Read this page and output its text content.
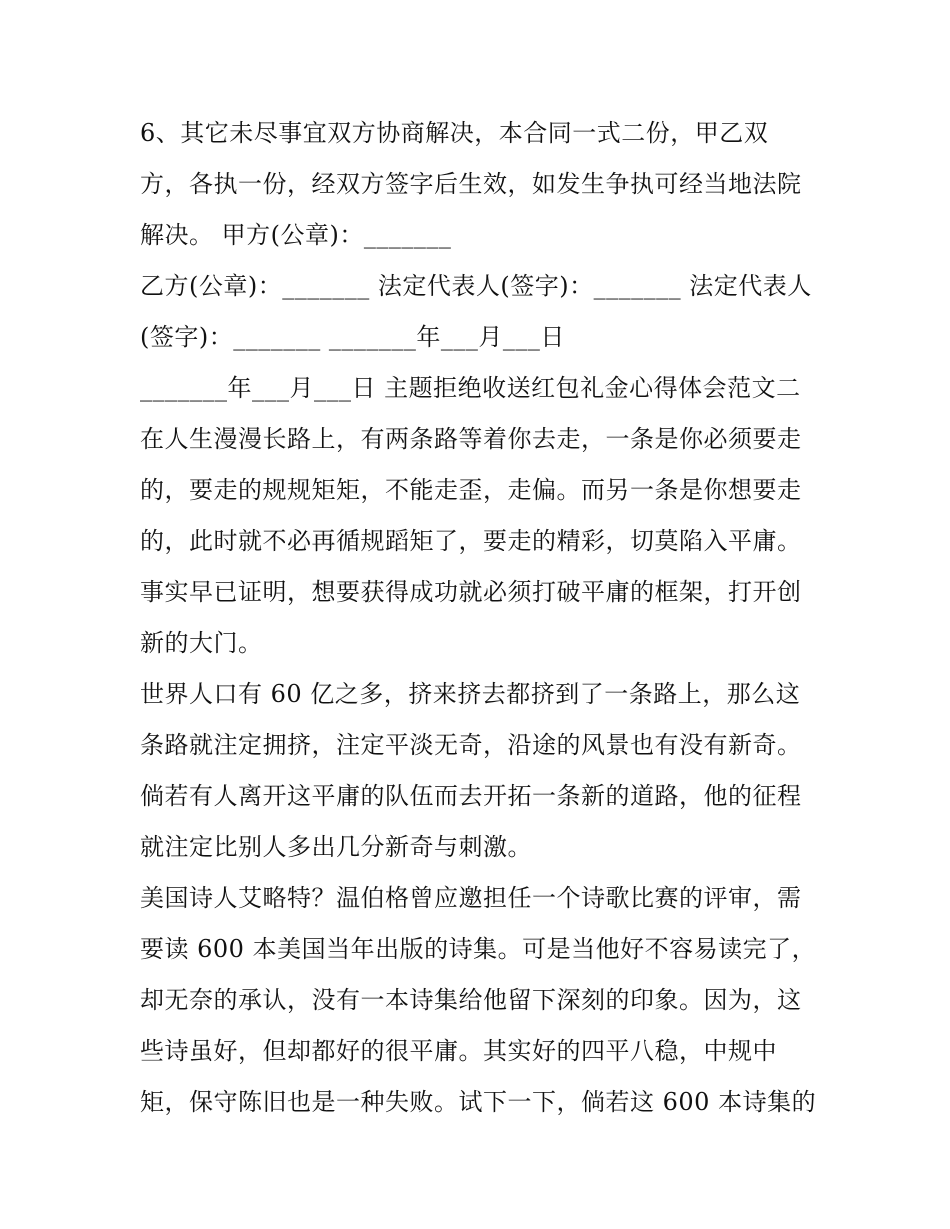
6、其它未尽事宜双方协商解决，本合同一式二份，甲乙双
方，各执一份，经双方签字后生效，如发生争执可经当地法院
解决。 甲方(公章)：_______
乙方(公章)：_______ 法定代表人(签字)：_______ 法定代表人
(签字)：_______ _______年___月___日
_______年___月___日 主题拒绝收送红包礼金心得体会范文二
在人生漫漫长路上，有两条路等着你去走，一条是你必须要走
的，要走的规规矩矩，不能走歪，走偏。而另一条是你想要走
的，此时就不必再循规蹈矩了，要走的精彩，切莫陷入平庸。
事实早已证明，想要获得成功就必须打破平庸的框架，打开创
新的大门。
世界人口有 60 亿之多，挤来挤去都挤到了一条路上，那么这
条路就注定拥挤，注定平淡无奇，沿途的风景也有没有新奇。
倘若有人离开这平庸的队伍而去开拓一条新的道路，他的征程
就注定比别人多出几分新奇与刺激。
美国诗人艾略特？温伯格曾应邀担任一个诗歌比赛的评审，需
要读 600 本美国当年出版的诗集。可是当他好不容易读完了，
却无奈的承认，没有一本诗集给他留下深刻的印象。因为，这
些诗虽好，但却都好的很平庸。其实好的四平八稳，中规中
矩，保守陈旧也是一种失败。试下一下，倘若这 600 本诗集的
